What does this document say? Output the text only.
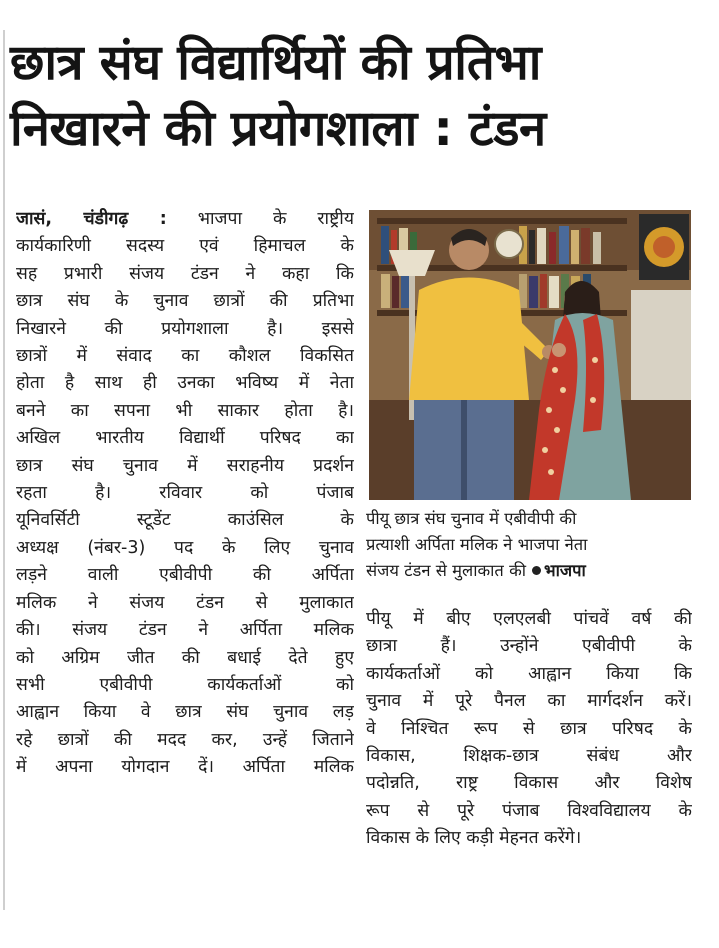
छात्र संघ विद्यार्थियों की प्रतिभा
निखारने की प्रयोगशाला : टंडन
जासं, चंडीगढ़ : भाजपा के राष्ट्रीय
कार्यकारिणी सदस्य एवं हिमाचल के
सह प्रभारी संजय टंडन ने कहा कि
छात्र संघ के चुनाव छात्रों की प्रतिभा
निखारने की प्रयोगशाला है। इससे
छात्रों में संवाद का कौशल विकसित
होता है साथ ही उनका भविष्य में नेता
बनने का सपना भी साकार होता है।
अखिल भारतीय विद्यार्थी परिषद का
छात्र संघ चुनाव में सराहनीय प्रदर्शन
रहता है। रविवार को पंजाब
यूनिवर्सिटी स्टूडेंट काउंसिल के
अध्यक्ष (नंबर-3) पद के लिए चुनाव
लड़ने वाली एबीवीपी की अर्पिता
मलिक ने संजय टंडन से मुलाकात
की। संजय टंडन ने अर्पिता मलिक
को अग्रिम जीत की बधाई देते हुए
सभी एबीवीपी कार्यकर्ताओं को
आह्वान किया वे छात्र संघ चुनाव लड़
रहे छात्रों की मदद कर, उन्हें जिताने
में अपना योगदान दें। अर्पिता मलिक
पीयू छात्र संघ चुनाव में एबीवीपी की
प्रत्याशी अर्पिता मलिक ने भाजपा नेता
संजय टंडन से मुलाकात की भाजपा
पीयू में बीए एलएलबी पांचवें वर्ष की
छात्रा हैं। उन्होंने एबीवीपी के
कार्यकर्ताओं को आह्वान किया कि
चुनाव में पूरे पैनल का मार्गदर्शन करें।
वे निश्चित रूप से छात्र परिषद के
विकास, शिक्षक-छात्र संबंध और
पदोन्नति, राष्ट्र विकास और विशेष
रूप से पूरे पंजाब विश्वविद्यालय के
विकास के लिए कड़ी मेहनत करेंगे।
